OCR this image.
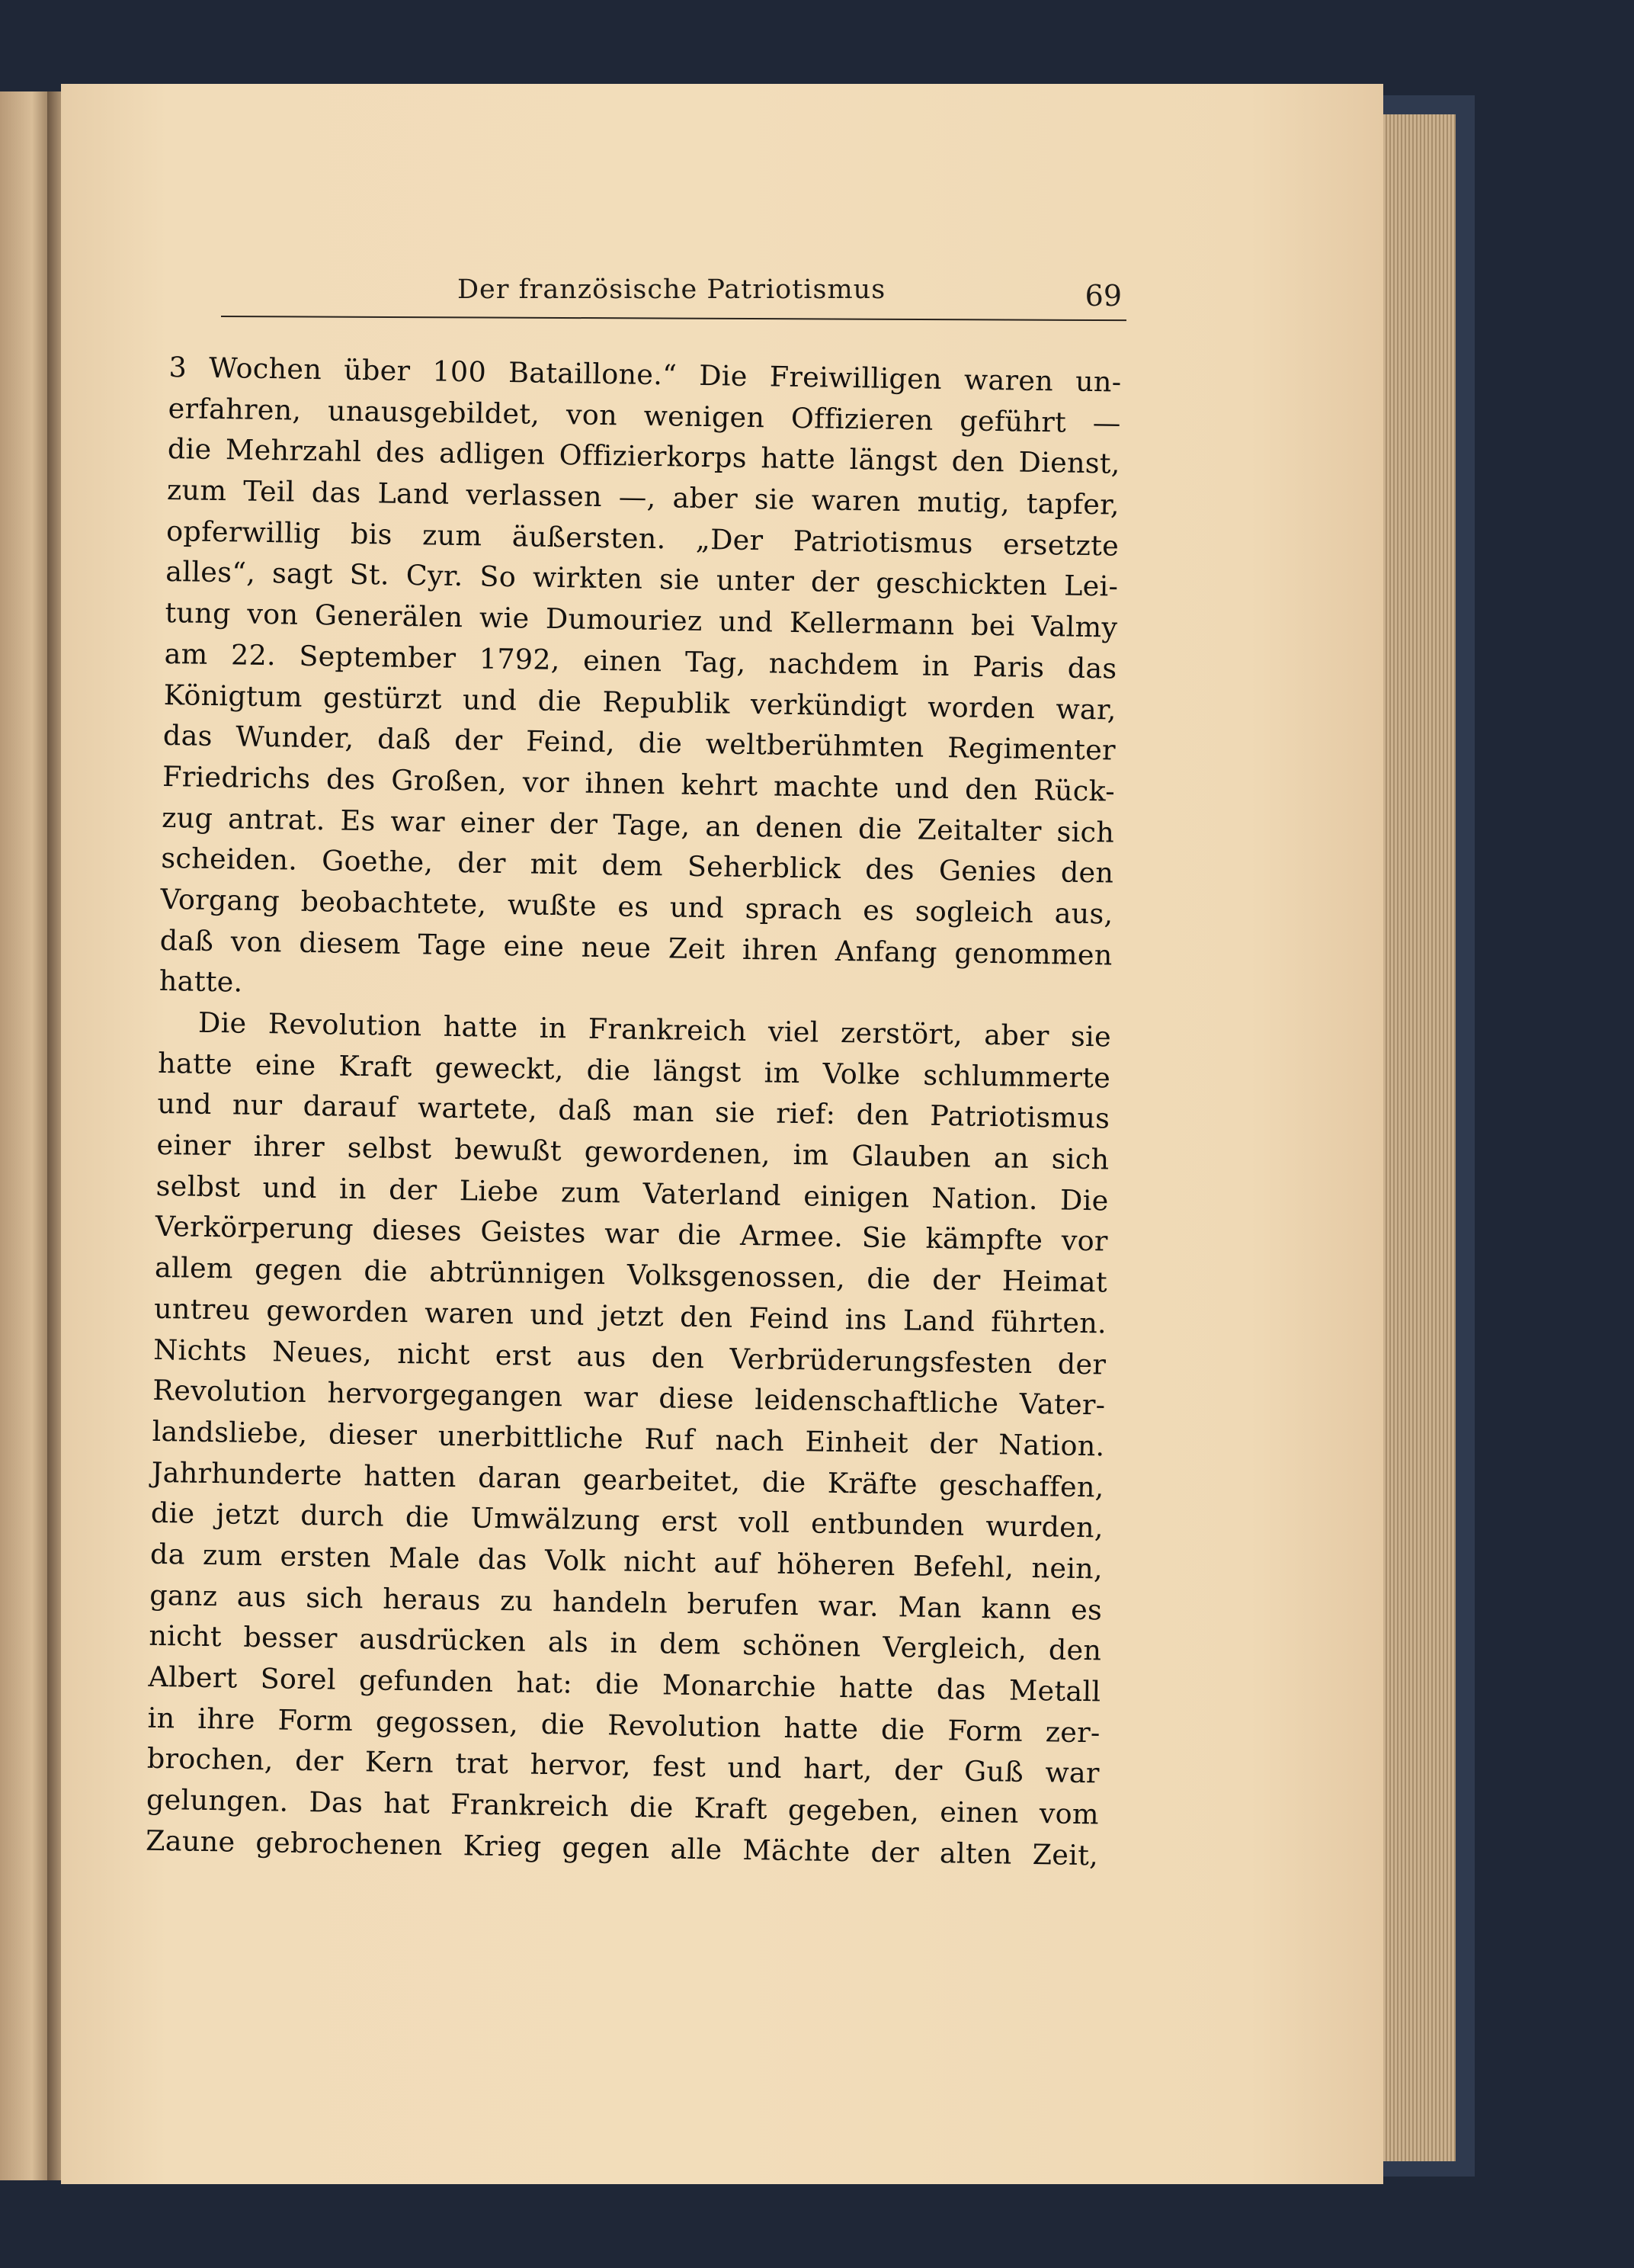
Der französische Patriotismus	69
3 Wochen über 100 Bataillone.“ Die Freiwilligen waren un-
erfahren, unausgebildet, von wenigen Offizieren geführt —
die Mehrzahl des adligen Offizierkorps hatte längst den Dienst,
zum Teil das Land verlassen —, aber sie waren mutig, tapfer,
opferwillig bis zum äußersten. „Der Patriotismus ersetzte
alles“, sagt St. Cyr. So wirkten sie unter der geschickten Lei-
tung von Generälen wie Dumouriez und Kellermann bei Valmy
am 22. September 1792, einen Tag, nachdem in Paris das
Königtum gestürzt und die Republik verkündigt worden war,
das Wunder, daß der Feind, die weltberühmten Regimenter
Friedrichs des Großen, vor ihnen kehrt machte und den Rück-
zug antrat. Es war einer der Tage, an denen die Zeitalter sich
scheiden. Goethe, der mit dem Seherblick des Genies den
Vorgang beobachtete, wußte es und sprach es sogleich aus,
daß von diesem Tage eine neue Zeit ihren Anfang genommen
hatte.
Die Revolution hatte in Frankreich viel zerstört, aber sie
hatte eine Kraft geweckt, die längst im Volke schlummerte
und nur darauf wartete, daß man sie rief: den Patriotismus
einer ihrer selbst bewußt gewordenen, im Glauben an sich
selbst und in der Liebe zum Vaterland einigen Nation. Die
Verkörperung dieses Geistes war die Armee. Sie kämpfte vor
allem gegen die abtrünnigen Volksgenossen, die der Heimat
untreu geworden waren und jetzt den Feind ins Land führten.
Nichts Neues, nicht erst aus den Verbrüderungsfesten der
Revolution hervorgegangen war diese leidenschaftliche Vater-
landsliebe, dieser unerbittliche Ruf nach Einheit der Nation.
Jahrhunderte hatten daran gearbeitet, die Kräfte geschaffen,
die jetzt durch die Umwälzung erst voll entbunden wurden,
da zum ersten Male das Volk nicht auf höheren Befehl, nein,
ganz aus sich heraus zu handeln berufen war. Man kann es
nicht besser ausdrücken als in dem schönen Vergleich, den
Albert Sorel gefunden hat: die Monarchie hatte das Metall
in ihre Form gegossen, die Revolution hatte die Form zer-
brochen, der Kern trat hervor, fest und hart, der Guß war
gelungen. Das hat Frankreich die Kraft gegeben, einen vom
Zaune gebrochenen Krieg gegen alle Mächte der alten Zeit,
